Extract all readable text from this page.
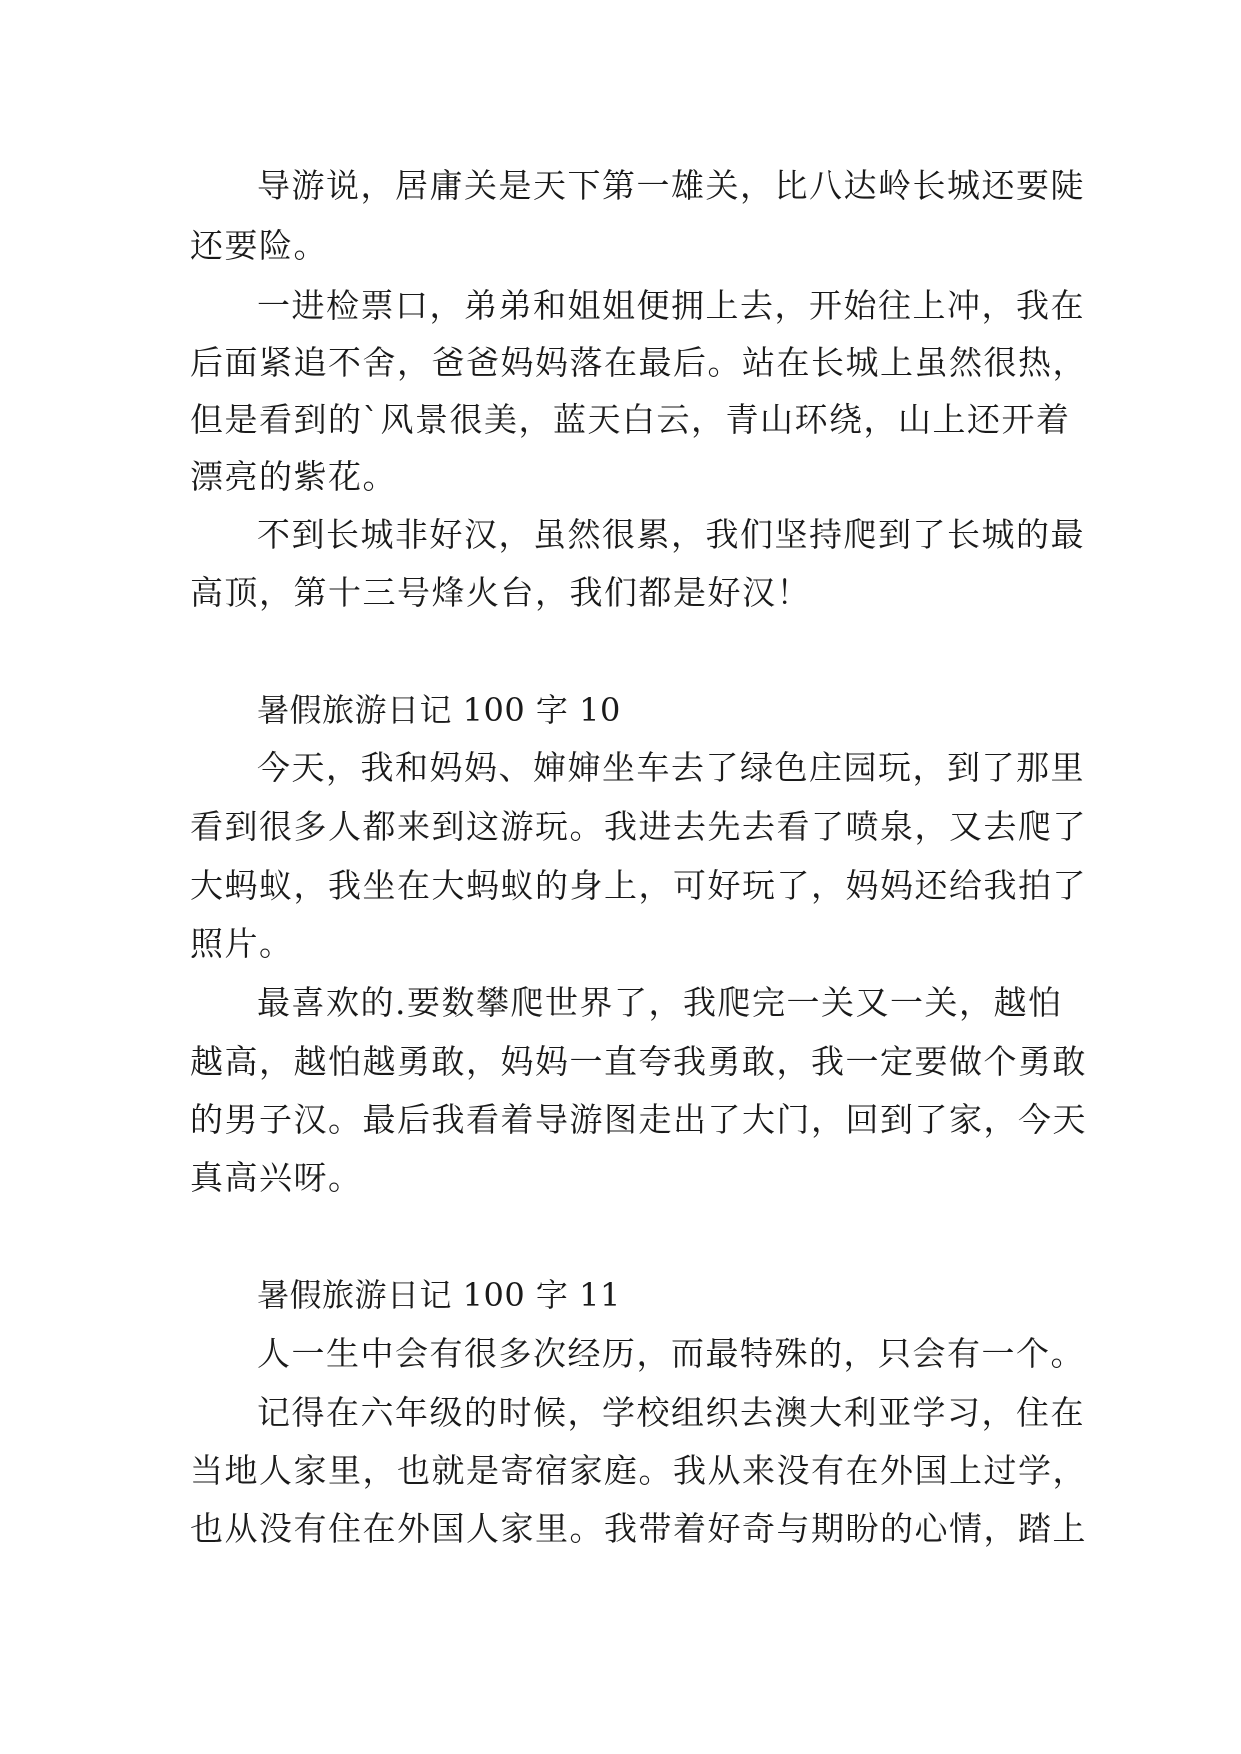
导游说，居庸关是天下第一雄关，比八达岭长城还要陡
还要险。
一进检票口，弟弟和姐姐便拥上去，开始往上冲，我在
后面紧追不舍，爸爸妈妈落在最后。站在长城上虽然很热，
但是看到的`风景很美，蓝天白云，青山环绕，山上还开着
漂亮的紫花。
不到长城非好汉，虽然很累，我们坚持爬到了长城的最
高顶，第十三号烽火台，我们都是好汉！
暑假旅游日记 100 字 10
今天，我和妈妈、婶婶坐车去了绿色庄园玩，到了那里
看到很多人都来到这游玩。我进去先去看了喷泉，又去爬了
大蚂蚁，我坐在大蚂蚁的身上，可好玩了，妈妈还给我拍了
照片。
最喜欢的.要数攀爬世界了，我爬完一关又一关，越怕
越高，越怕越勇敢，妈妈一直夸我勇敢，我一定要做个勇敢
的男子汉。最后我看着导游图走出了大门，回到了家，今天
真高兴呀。
暑假旅游日记 100 字 11
人一生中会有很多次经历，而最特殊的，只会有一个。
记得在六年级的时候，学校组织去澳大利亚学习，住在
当地人家里，也就是寄宿家庭。我从来没有在外国上过学，
也从没有住在外国人家里。我带着好奇与期盼的心情，踏上
